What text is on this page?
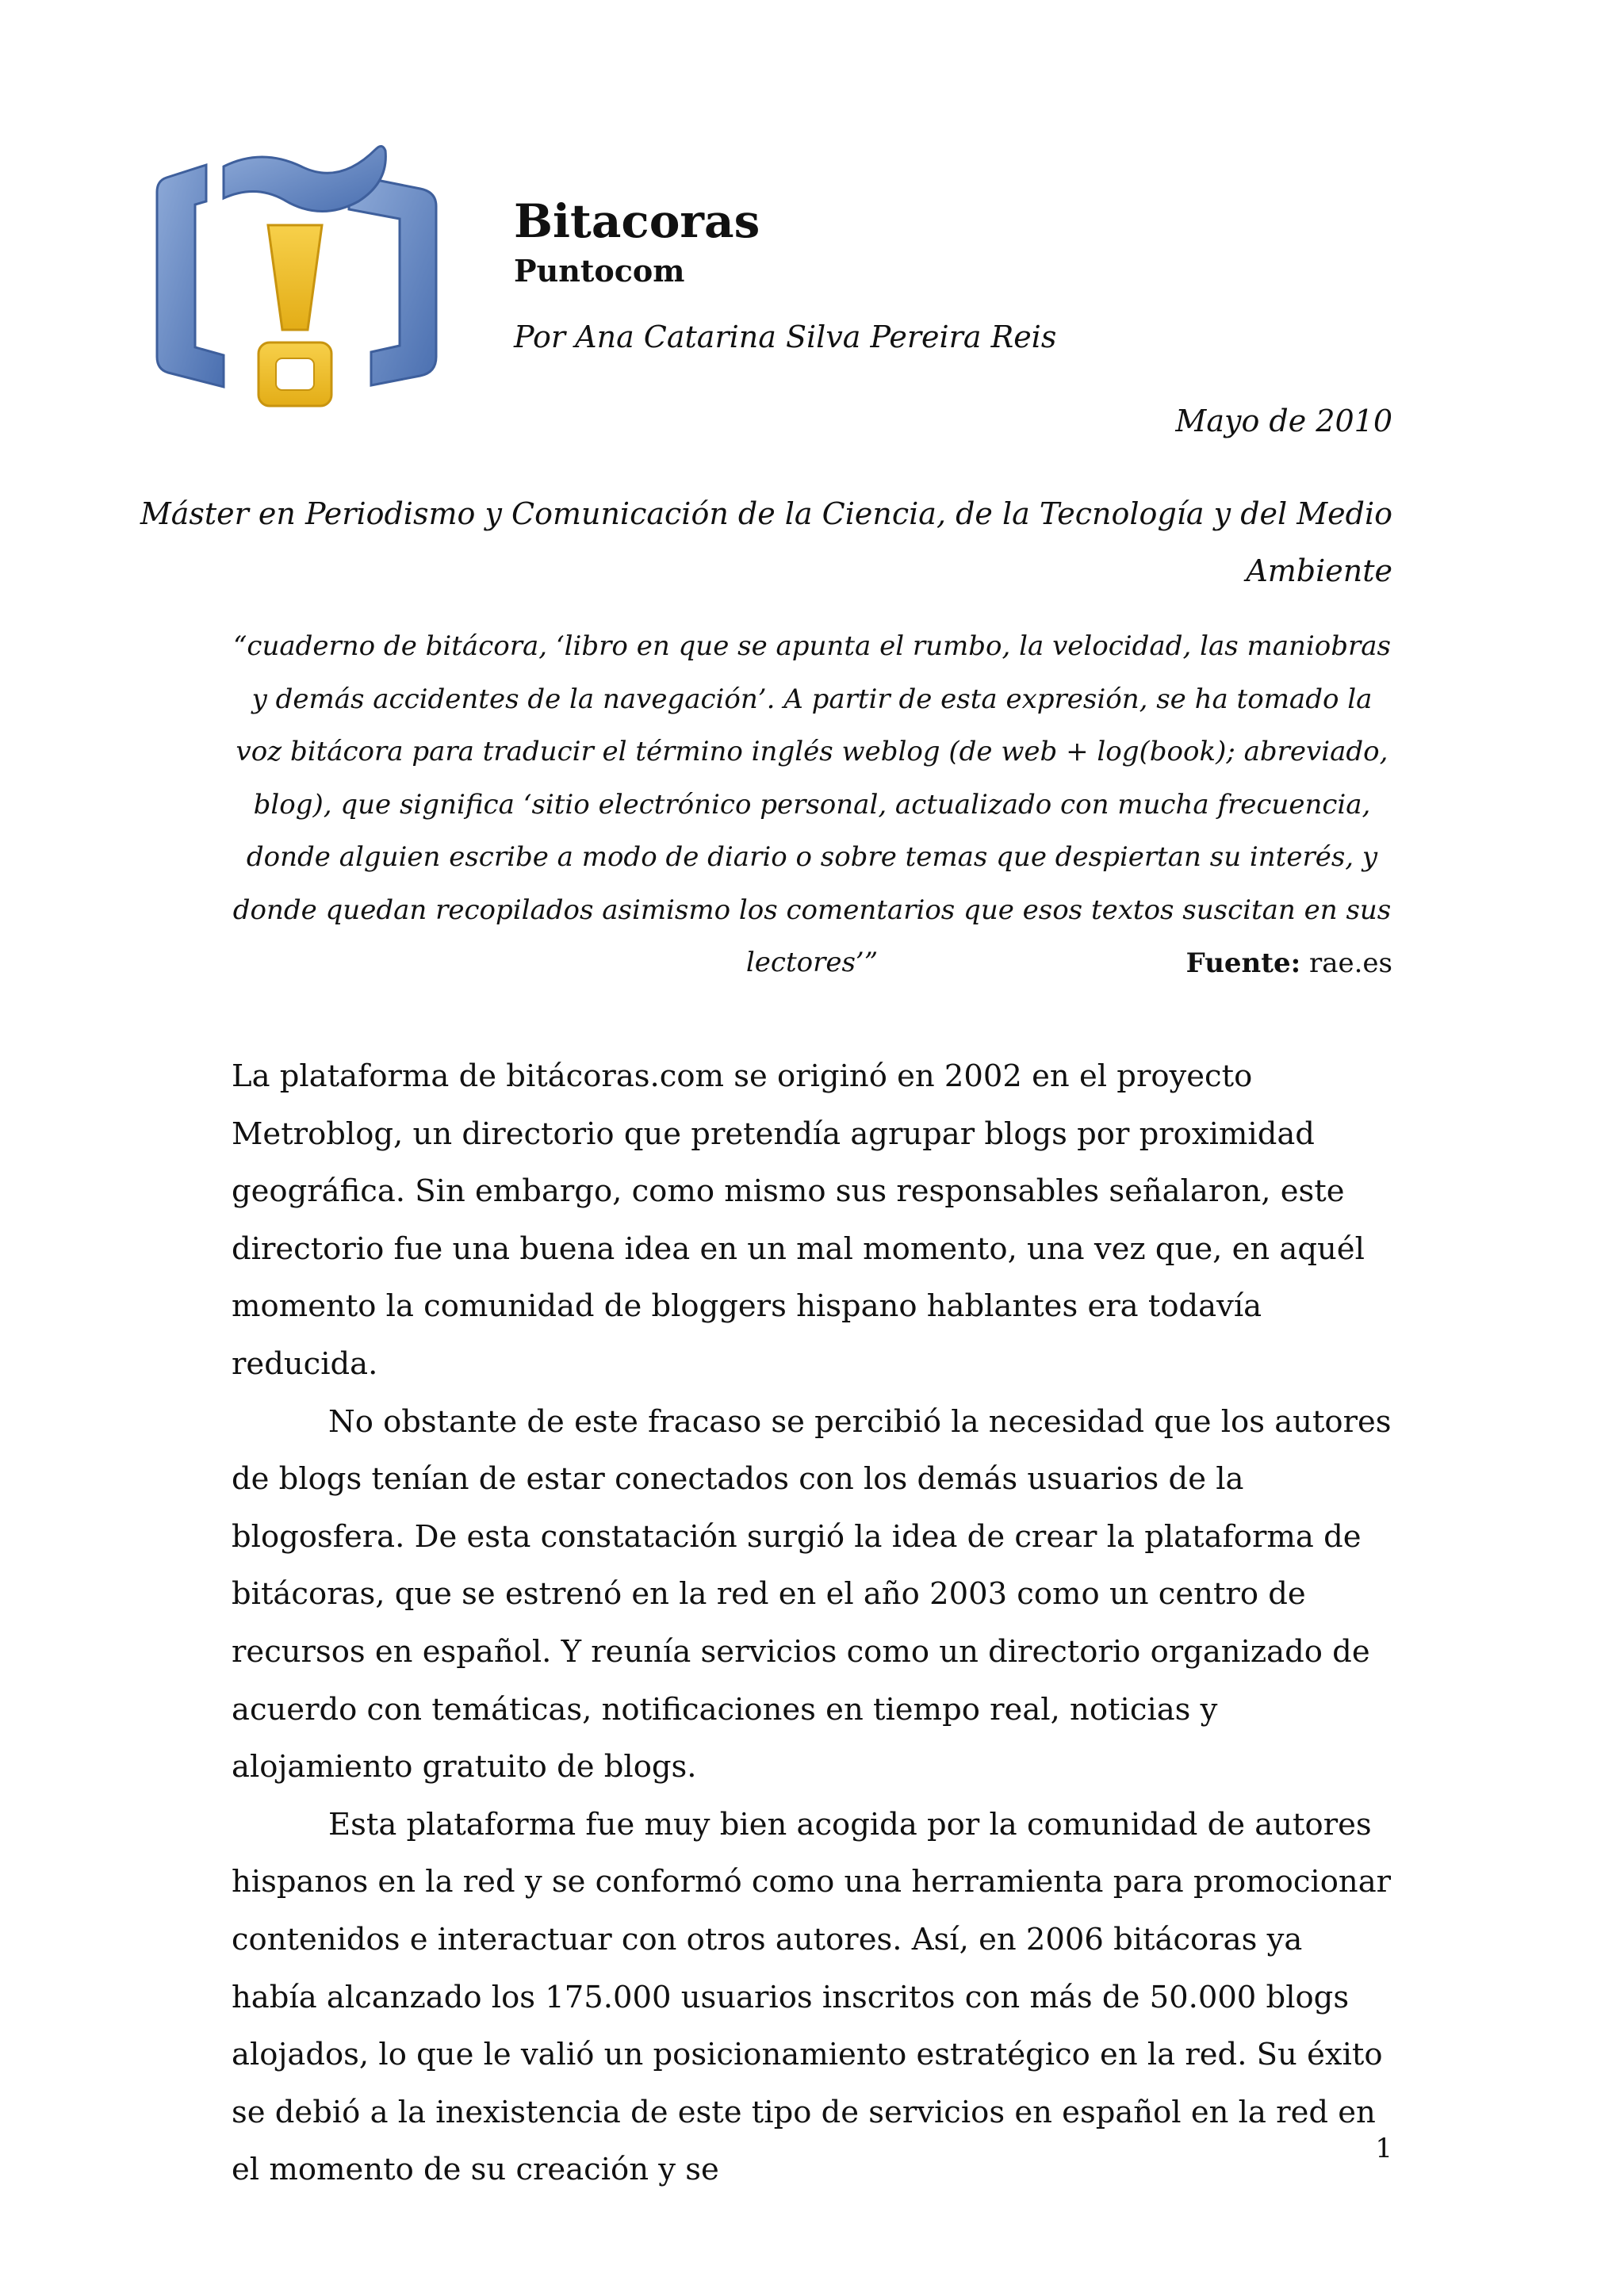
Bitacoras
Puntocom
Por Ana Catarina Silva Pereira Reis
Mayo de 2010
Máster en Periodismo y Comunicación de la Ciencia, de la Tecnología y del Medio Ambiente

“cuaderno de bitácora, ‘libro en que se apunta el rumbo, la velocidad, las maniobras y demás accidentes de la navegación’. A partir de esta expresión, se ha tomado la voz bitácora para traducir el término inglés weblog (de web + log(book); abreviado, blog), que significa ‘sitio electrónico personal, actualizado con mucha frecuencia, donde alguien escribe a modo de diario o sobre temas que despiertan su interés, y donde quedan recopilados asimismo los comentarios que esos textos suscitan en sus lectores’”	Fuente: rae.es

La plataforma de bitácoras.com se originó en 2002 en el proyecto Metroblog, un directorio que pretendía agrupar blogs por proximidad geográfica. Sin embargo, como mismo sus responsables señalaron, este directorio fue una buena idea en un mal momento, una vez que, en aquél momento la comunidad de bloggers hispano hablantes era todavía reducida.

No obstante de este fracaso se percibió la necesidad que los autores de blogs tenían de estar conectados con los demás usuarios de la blogosfera. De esta constatación surgió la idea de crear la plataforma de bitácoras, que se estrenó en la red en el año 2003 como un centro de recursos en español. Y reunía servicios como un directorio organizado de acuerdo con temáticas, notificaciones en tiempo real, noticias y alojamiento gratuito de blogs.

Esta plataforma fue muy bien acogida por la comunidad de autores hispanos en la red y se conformó como una herramienta para promocionar contenidos e interactuar con otros autores. Así, en 2006 bitácoras ya había alcanzado los 175.000 usuarios inscritos con más de 50.000 blogs alojados, lo que le valió un posicionamiento estratégico en la red. Su éxito se debió a la inexistencia de este tipo de servicios en español en la red en el momento de su creación y se

1
